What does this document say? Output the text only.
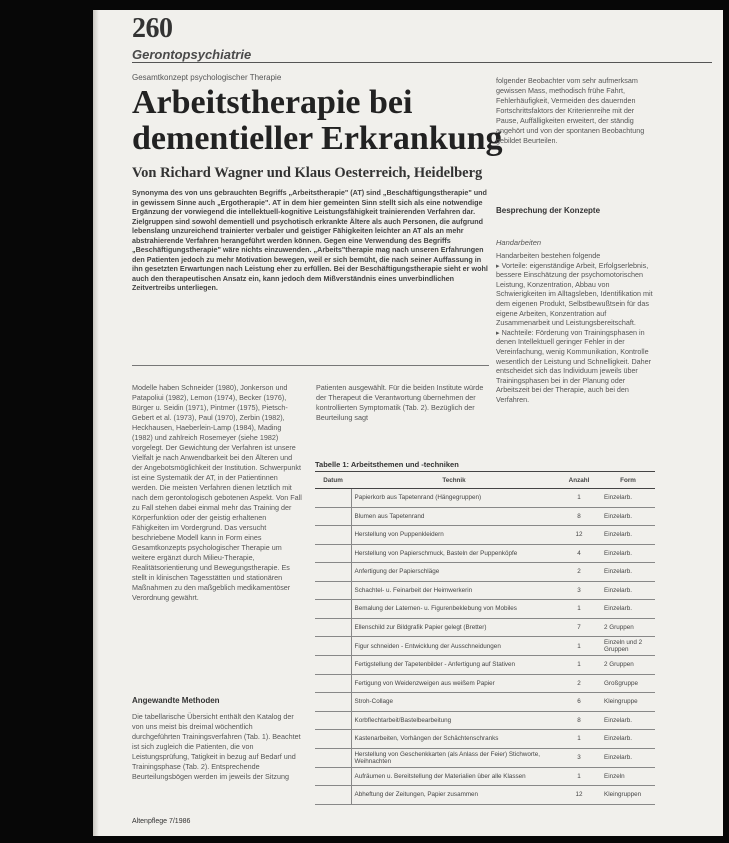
260
Gerontopsychiatrie
Gesamtkonzept psychologischer Therapie
Arbeitstherapie bei dementieller Erkrankung
Von Richard Wagner und Klaus Oesterreich, Heidelberg

Synonyma des von uns gebrauchten Begriffs „Arbeitstherapie" (AT) sind „Beschäftigungstherapie" und in gewissem Sinne auch „Ergotherapie". AT in dem hier gemeinten Sinn stellt sich als eine notwendige Ergänzung der vorwiegend die intellektuell-kognitive Leistungsfähigkeit trainierenden Verfahren dar. Zielgruppen sind sowohl dementiell und psychotisch erkrankte Ältere als auch Personen, die aufgrund lebenslang unzureichend trainierter verbaler und geistiger Fähigkeiten leichter an AT als an mehr abstrahierende Verfahren herangeführt werden können. Gegen eine Verwendung des Begriffs „Beschäftigungstherapie" wäre nichts einzuwenden. „Arbeits"therapie mag nach unseren Erfahrungen den Patienten jedoch zu mehr Motivation bewegen, weil er sich bemüht, die nach seiner Auffassung in ihn gesetzten Erwartungen nach Leistung eher zu erfüllen. Bei der Beschäftigungstherapie sieht er wohl auch den therapeutischen Ansatz ein, kann jedoch dem Mißverständnis eines unverbindlichen Zeitvertreibs unterliegen.

Modelle haben Schneider (1980), Jonkerson und Patapoliui (1982), Lemon (1974), Becker (1976), Bürger u. Seidin (1971), Pintmer (1975), Pietsch-Gebert et al. (1973), Paul (1970), Zerbin (1982), Heckhausen, Haeberlein-Lamp (1984), Mading (1982) und zahlreich Rosemeyer (siehe 1982) vorgelegt. Der Gewichtung der Verfahren ist unsere Vielfalt je nach Anwendbarkeit bei den Älteren und der Angebotsmöglichkeit der Institution. Schwerpunkt ist eine Systematik der AT, in der Patientinnen werden. Die meisten Verfahren dienen letztlich mit nach dem gerontologisch gebotenen Aspekt. Von Fall zu Fall stehen dabei einmal mehr das Training der Körperfunktion oder der geistig erhaltenen Fähigkeiten im Vordergrund. Das versucht beschriebene Modell kann in Form eines Gesamtkonzepts psychologischer Therapie um weitere ergänzt durch Milieu-Therapie, Realitätsorientierung und Bewegungstherapie. Es stellt in klinischen Tagesstätten und stationären Maßnahmen zu den maßgeblich medikamentöser Verordnung gewährt.

Patienten ausgewählt. Für die beiden Institute würde der Therapeut die Verantwortung übernehmen der kontrollierten Symptomatik (Tab. 2). Bezüglich der Beurteilung sagt

Angewandte Methoden

Die tabellarische Übersicht enthält den Katalog der von uns meist bis dreimal wöchentlich durchgeführten Trainingsverfahren (Tab. 1). Beachtet ist sich zugleich die Patienten, die von Leistungsprüfung, Tatigkeit in bezug auf Bedarf und Trainingsphase (Tab. 2). Entsprechende Beurteilungsbögen werden im jeweils der Sitzung

folgender Beobachter vom sehr aufmerksam gewissen Mass, methodisch frühe Fahrt, Fehlerhäufigkeit, Vermeiden des dauernden Fortschrittsfaktors der Kriterienreihe mit der Pause, Auffälligkeiten erweitert, der ständig angehört und von der spontanen Beobachtung gebildet Beurteilen.

Besprechung der Konzepte
Handarbeiten
Handarbeiten bestehen folgende
▸ Vorteile: eigenständige Arbeit, Erfolgserlebnis, bessere Einschätzung der psychomotorischen Leistung, Konzentration, Abbau von Schwierigkeiten im Alltagsleben, Identifikation mit dem eigenen Produkt, Selbstbewußtsein für das eigene Arbeiten, Konzentration auf Zusammenarbeit und Leistungsbereitschaft.
▸ Nachteile: Förderung von Trainingsphasen in denen Intellektuell geringer Fehler in der Vereinfachung, wenig Kommunikation, Kontrolle wesentlich der Leistung und Schnelligkeit. Daher entscheidet sich das Individuum jeweils über Trainingsphasen bei in der Planung oder Arbeitszeit bei der Therapie, auch bei den Verfahren.
Tabelle 1: Arbeitsthemen und -techniken
Datum	Technik	Anzahl	Form
	Papierkorb aus Tapetenrand (Hängegruppen)	1	Einzelarb.
	Blumen aus Tapetenrand	8	Einzelarb.
	Herstellung von Puppenkleidern	12	Einzelarb.
	Herstellung von Papierschmuck, Basteln der Puppenköpfe	4	Einzelarb.
	Anfertigung der Papierschläge	2	Einzelarb.
	Schachtel- u. Feinarbeit der Heimwerkerin	3	Einzelarb.
	Bemalung der Laternen- u. Figurenbeklebung von Mobiles	1	Einzelarb.
	Ellenschild zur Bildgrafik Papier gelegt (Bretter)	7	2 Gruppen
	Figur schneiden - Entwicklung der Ausschneidungen	1	Einzeln und 2 Gruppen
	Fertigstellung der Tapetenbilder - Anfertigung auf Stativen	1	2 Gruppen
	Fertigung von Weidenzweigen aus weißem Papier	2	Großgruppe
	Stroh-Collage	6	Kleingruppe
	Korbflechtarbeit/Bastelbearbeitung	8	Einzelarb.
	Kastenarbeiten, Vorhängen der Schächtenschranks	1	Einzelarb.
	Herstellung von Geschenkkarten (als Anlass der Feier) Stichworte, Weihnachten	3	Einzelarb.
	Aufräumen u. Bereitstellung der Materialien über alle Klassen	1	Einzeln
	Abheftung der Zeitungen, Papier zusammen	12	Kleingruppen
Altenpflege 7/1986
